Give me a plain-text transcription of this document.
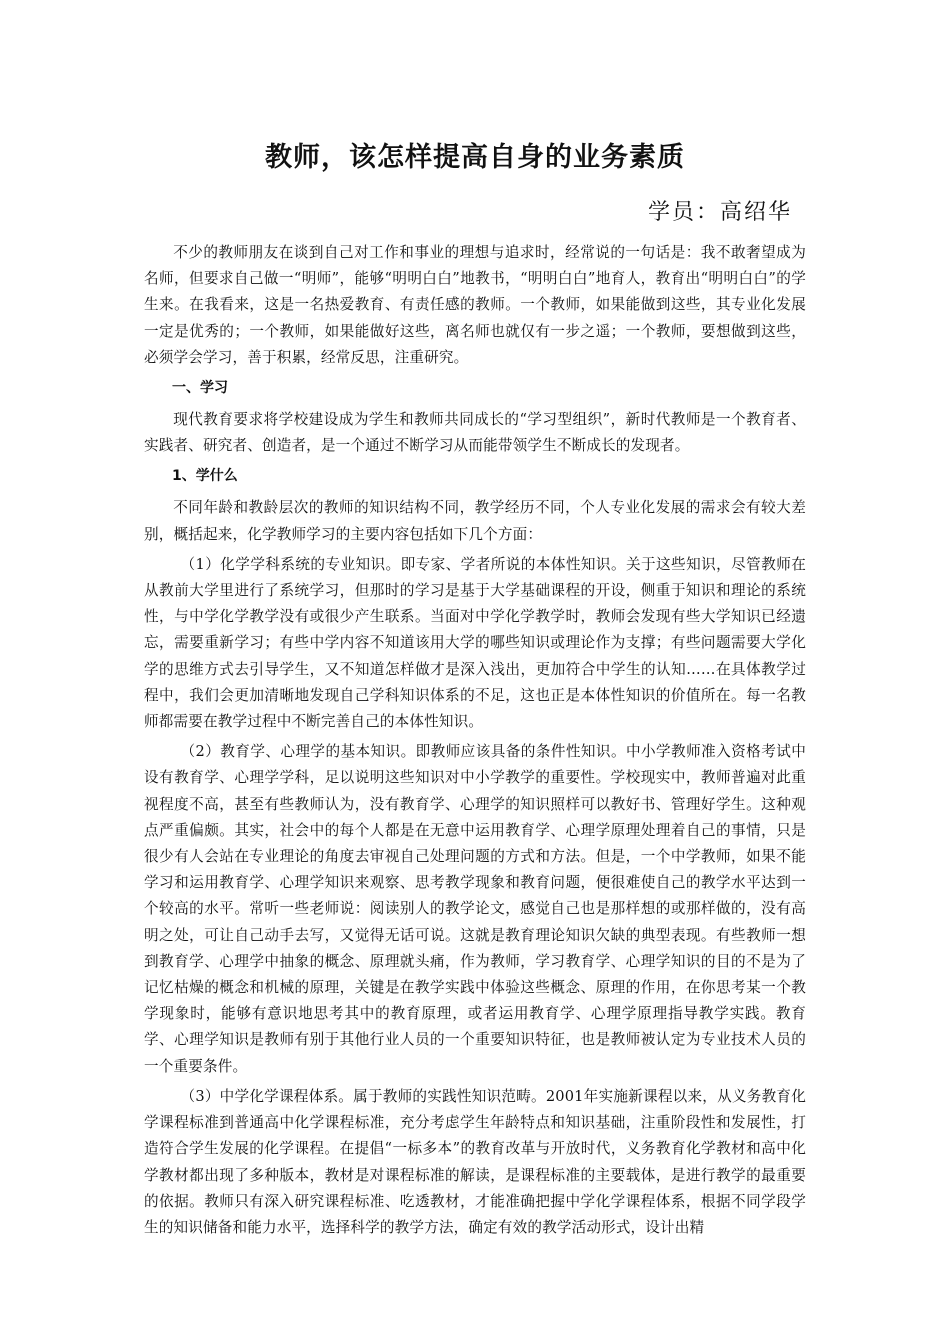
教师，该怎样提高自身的业务素质
学员：高绍华

不少的教师朋友在谈到自己对工作和事业的理想与追求时，经常说的一句话是：我不敢奢望成为名师，但要求自己做一“明师”，能够“明明白白”地教书，“明明白白”地育人，教育出“明明白白”的学生来。在我看来，这是一名热爱教育、有责任感的教师。一个教师，如果能做到这些，其专业化发展一定是优秀的；一个教师，如果能做好这些，离名师也就仅有一步之遥；一个教师，要想做到这些，必须学会学习，善于积累，经常反思，注重研究。

一、学习

现代教育要求将学校建设成为学生和教师共同成长的“学习型组织”，新时代教师是一个教育者、实践者、研究者、创造者，是一个通过不断学习从而能带领学生不断成长的发现者。

1、学什么

不同年龄和教龄层次的教师的知识结构不同，教学经历不同，个人专业化发展的需求会有较大差别，概括起来，化学教师学习的主要内容包括如下几个方面：

（1）化学学科系统的专业知识。即专家、学者所说的本体性知识。关于这些知识，尽管教师在从教前大学里进行了系统学习，但那时的学习是基于大学基础课程的开设，侧重于知识和理论的系统性，与中学化学教学没有或很少产生联系。当面对中学化学教学时，教师会发现有些大学知识已经遗忘，需要重新学习；有些中学内容不知道该用大学的哪些知识或理论作为支撑；有些问题需要大学化学的思维方式去引导学生，又不知道怎样做才是深入浅出，更加符合中学生的认知……在具体教学过程中，我们会更加清晰地发现自己学科知识体系的不足，这也正是本体性知识的价值所在。每一名教师都需要在教学过程中不断完善自己的本体性知识。

（2）教育学、心理学的基本知识。即教师应该具备的条件性知识。中小学教师准入资格考试中设有教育学、心理学学科，足以说明这些知识对中小学教学的重要性。学校现实中，教师普遍对此重视程度不高，甚至有些教师认为，没有教育学、心理学的知识照样可以教好书、管理好学生。这种观点严重偏颇。其实，社会中的每个人都是在无意中运用教育学、心理学原理处理着自己的事情，只是很少有人会站在专业理论的角度去审视自己处理问题的方式和方法。但是，一个中学教师，如果不能学习和运用教育学、心理学知识来观察、思考教学现象和教育问题，便很难使自己的教学水平达到一个较高的水平。常听一些老师说：阅读别人的教学论文，感觉自己也是那样想的或那样做的，没有高明之处，可让自己动手去写，又觉得无话可说。这就是教育理论知识欠缺的典型表现。有些教师一想到教育学、心理学中抽象的概念、原理就头痛，作为教师，学习教育学、心理学知识的目的不是为了记忆枯燥的概念和机械的原理，关键是在教学实践中体验这些概念、原理的作用，在你思考某一个教学现象时，能够有意识地思考其中的教育原理，或者运用教育学、心理学原理指导教学实践。教育学、心理学知识是教师有别于其他行业人员的一个重要知识特征，也是教师被认定为专业技术人员的一个重要条件。

（3）中学化学课程体系。属于教师的实践性知识范畴。2001年实施新课程以来，从义务教育化学课程标准到普通高中化学课程标准，充分考虑学生年龄特点和知识基础，注重阶段性和发展性，打造符合学生发展的化学课程。在提倡“一标多本”的教育改革与开放时代，义务教育化学教材和高中化学教材都出现了多种版本，教材是对课程标准的解读，是课程标准的主要载体，是进行教学的最重要的依据。教师只有深入研究课程标准、吃透教材，才能准确把握中学化学课程体系，根据不同学段学生的知识储备和能力水平，选择科学的教学方法，确定有效的教学活动形式，设计出精
